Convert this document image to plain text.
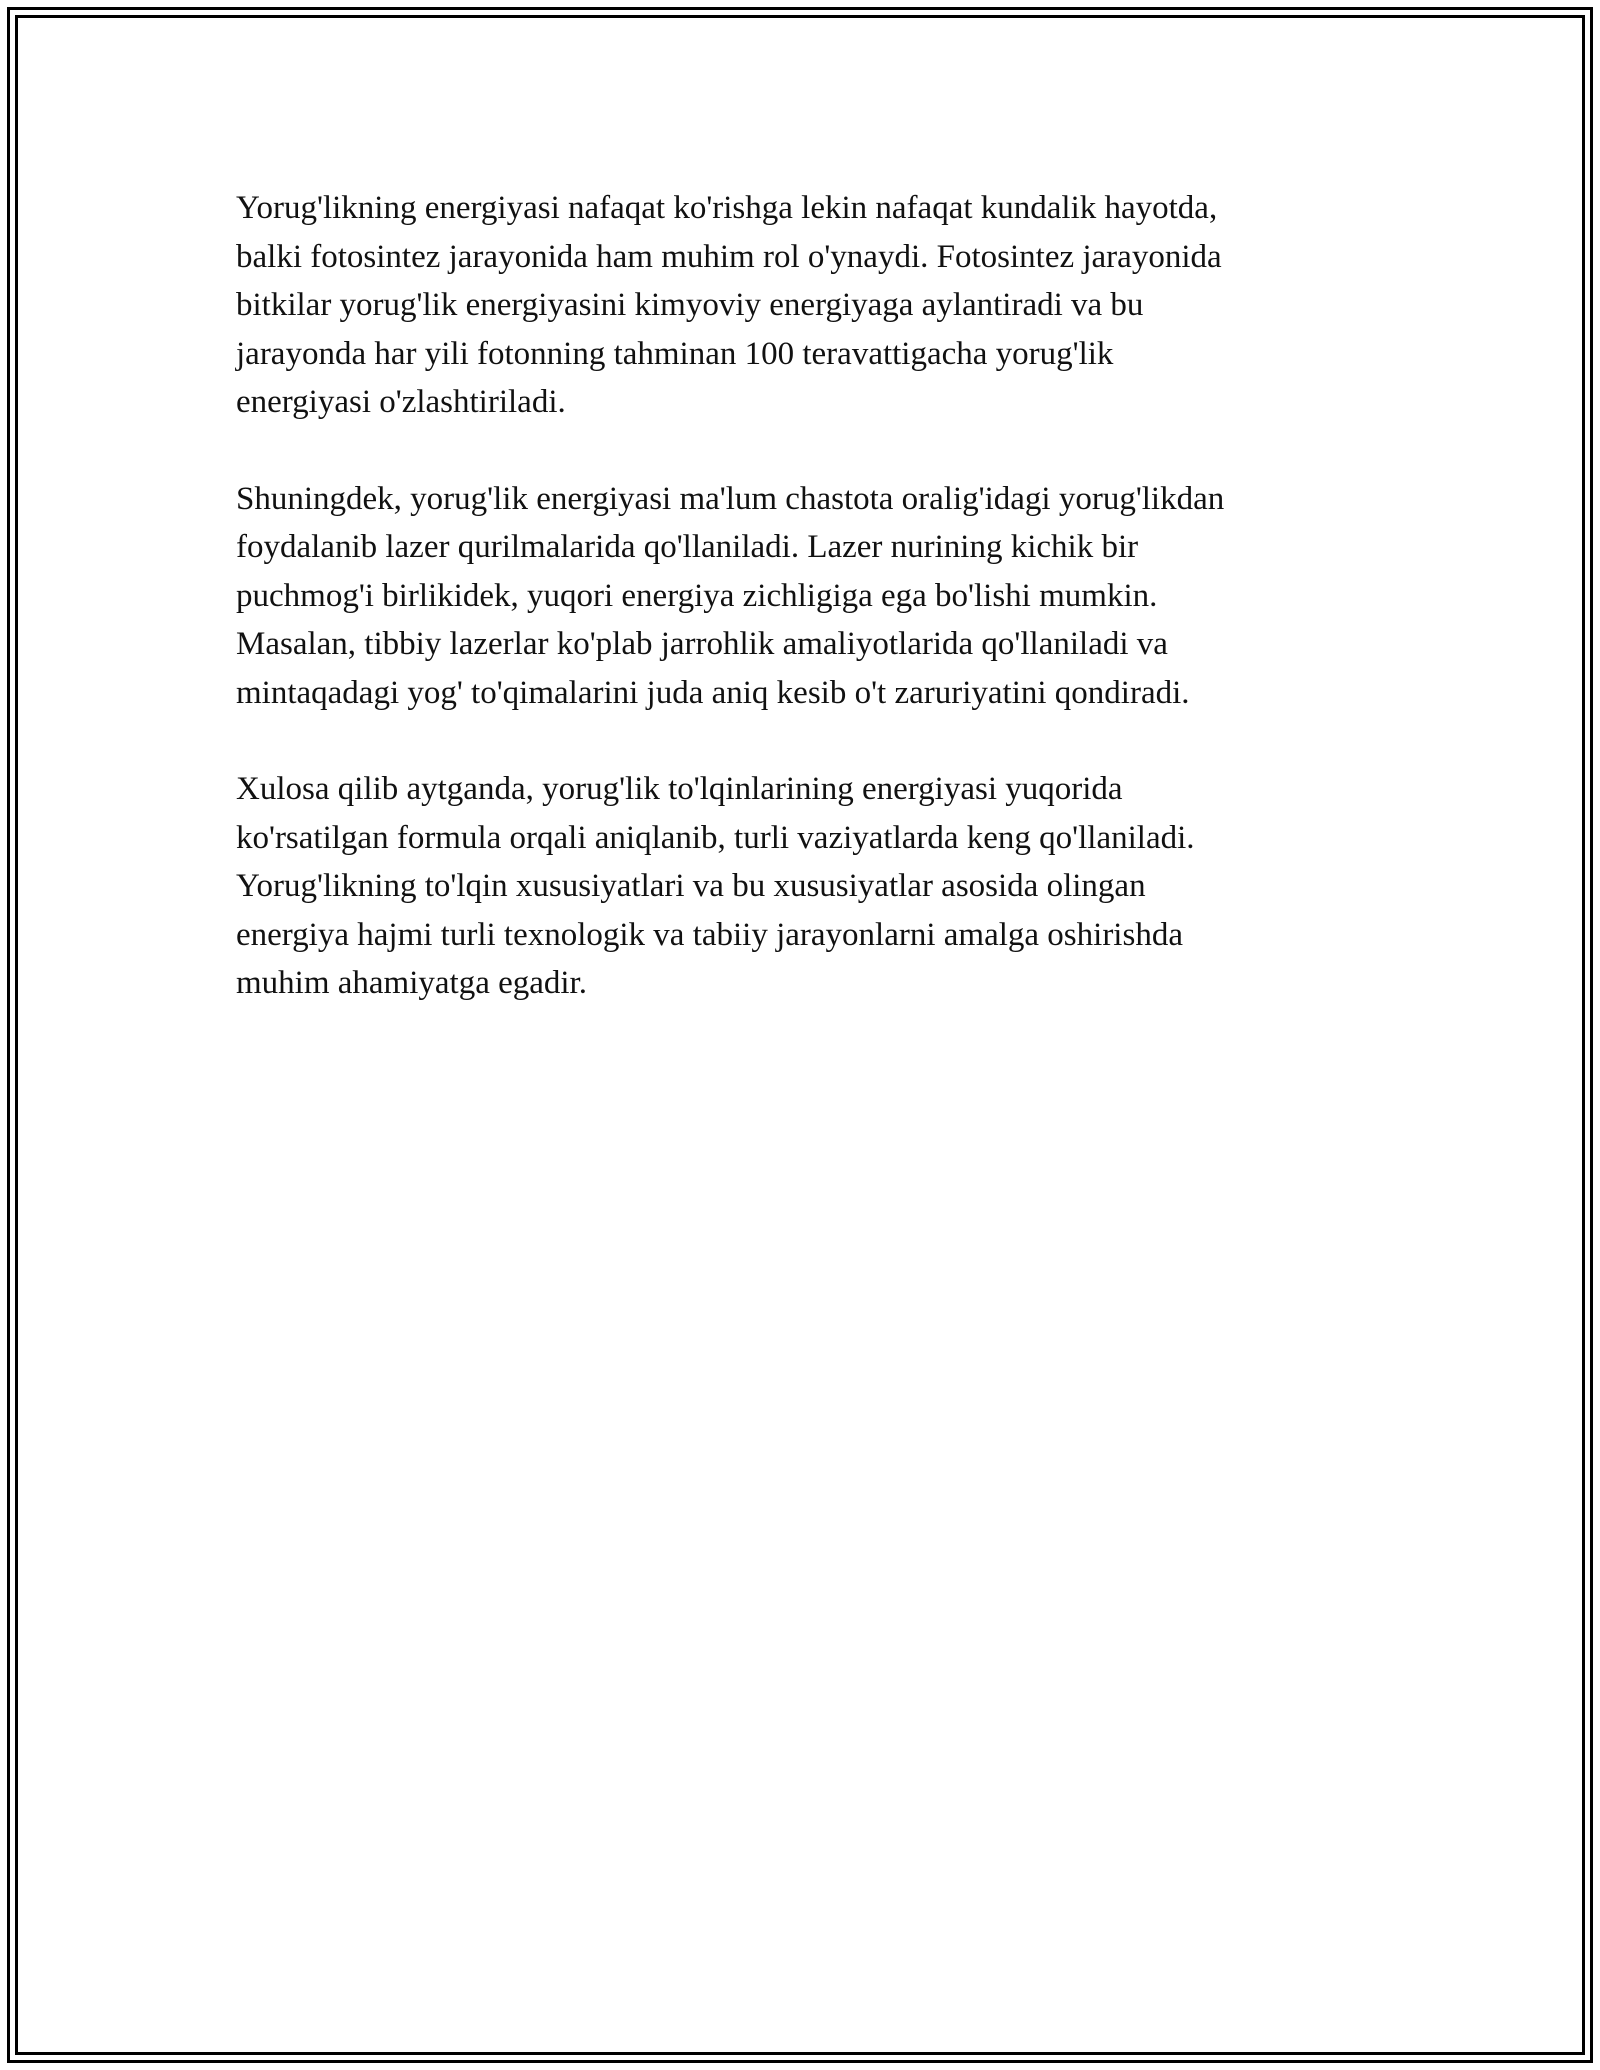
Yorug'likning energiyasi nafaqat ko'rishga lekin nafaqat kundalik hayotda,
balki fotosintez jarayonida ham muhim rol o'ynaydi. Fotosintez jarayonida
bitkilar yorug'lik energiyasini kimyoviy energiyaga aylantiradi va bu
jarayonda har yili fotonning tahminan 100 teravattigacha yorug'lik
energiyasi o'zlashtiriladi.

Shuningdek, yorug'lik energiyasi ma'lum chastota oralig'idagi yorug'likdan
foydalanib lazer qurilmalarida qo'llaniladi. Lazer nurining kichik bir
puchmog'i birlikidek, yuqori energiya zichligiga ega bo'lishi mumkin.
Masalan, tibbiy lazerlar ko'plab jarrohlik amaliyotlarida qo'llaniladi va
mintaqadagi yog' to'qimalarini juda aniq kesib o't zaruriyatini qondiradi.

Xulosa qilib aytganda, yorug'lik to'lqinlarining energiyasi yuqorida
ko'rsatilgan formula orqali aniqlanib, turli vaziyatlarda keng qo'llaniladi.
Yorug'likning to'lqin xususiyatlari va bu xususiyatlar asosida olingan
energiya hajmi turli texnologik va tabiiy jarayonlarni amalga oshirishda
muhim ahamiyatga egadir.
